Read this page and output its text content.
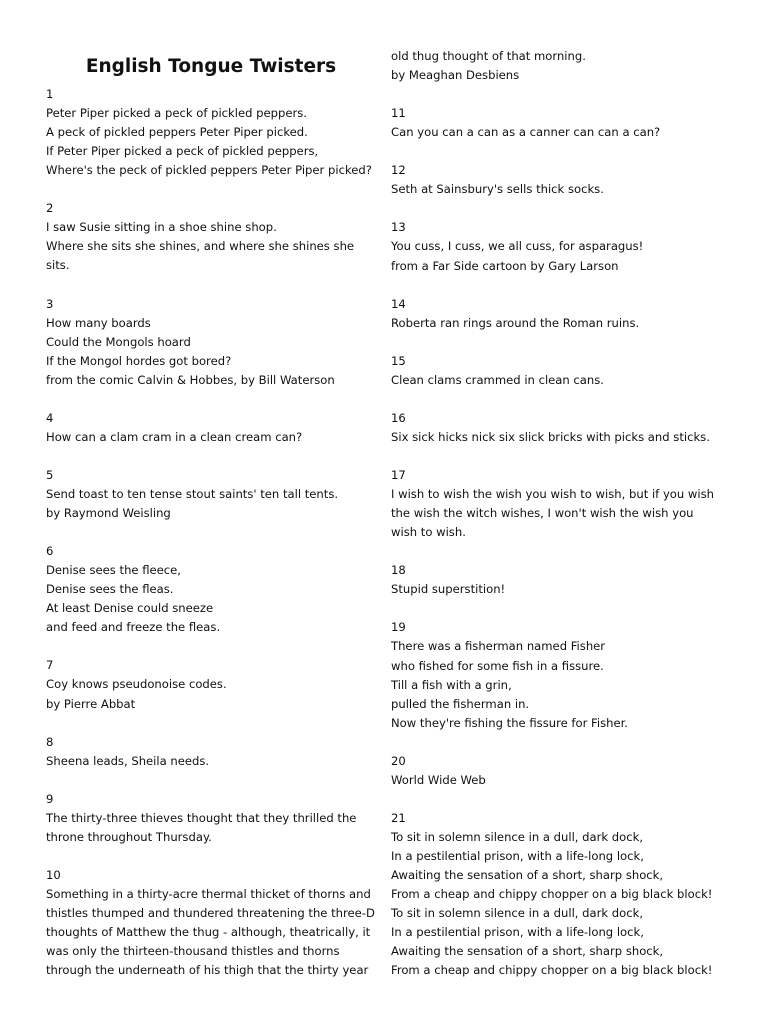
English Tongue Twisters
1
Peter Piper picked a peck of pickled peppers.
A peck of pickled peppers Peter Piper picked.
If Peter Piper picked a peck of pickled peppers,
Where's the peck of pickled peppers Peter Piper picked?
2
I saw Susie sitting in a shoe shine shop.
Where she sits she shines, and where she shines she
sits.
3
How many boards
Could the Mongols hoard
If the Mongol hordes got bored?
from the comic Calvin & Hobbes, by Bill Waterson
4
How can a clam cram in a clean cream can?
5
Send toast to ten tense stout saints' ten tall tents.
by Raymond Weisling
6
Denise sees the fleece,
Denise sees the fleas.
At least Denise could sneeze
and feed and freeze the fleas.
7
Coy knows pseudonoise codes.
by Pierre Abbat
8
Sheena leads, Sheila needs.
9
The thirty-three thieves thought that they thrilled the
throne throughout Thursday.
10
Something in a thirty-acre thermal thicket of thorns and
thistles thumped and thundered threatening the three-D
thoughts of Matthew the thug - although, theatrically, it
was only the thirteen-thousand thistles and thorns
through the underneath of his thigh that the thirty year
old thug thought of that morning.
by Meaghan Desbiens
11
Can you can a can as a canner can can a can?
12
Seth at Sainsbury's sells thick socks.
13
You cuss, I cuss, we all cuss, for asparagus!
from a Far Side cartoon by Gary Larson
14
Roberta ran rings around the Roman ruins.
15
Clean clams crammed in clean cans.
16
Six sick hicks nick six slick bricks with picks and sticks.
17
I wish to wish the wish you wish to wish, but if you wish
the wish the witch wishes, I won't wish the wish you
wish to wish.
18
Stupid superstition!
19
There was a fisherman named Fisher
who fished for some fish in a fissure.
Till a fish with a grin,
pulled the fisherman in.
Now they're fishing the fissure for Fisher.
20
World Wide Web
21
To sit in solemn silence in a dull, dark dock,
In a pestilential prison, with a life-long lock,
Awaiting the sensation of a short, sharp shock,
From a cheap and chippy chopper on a big black block!
To sit in solemn silence in a dull, dark dock,
In a pestilential prison, with a life-long lock,
Awaiting the sensation of a short, sharp shock,
From a cheap and chippy chopper on a big black block!
